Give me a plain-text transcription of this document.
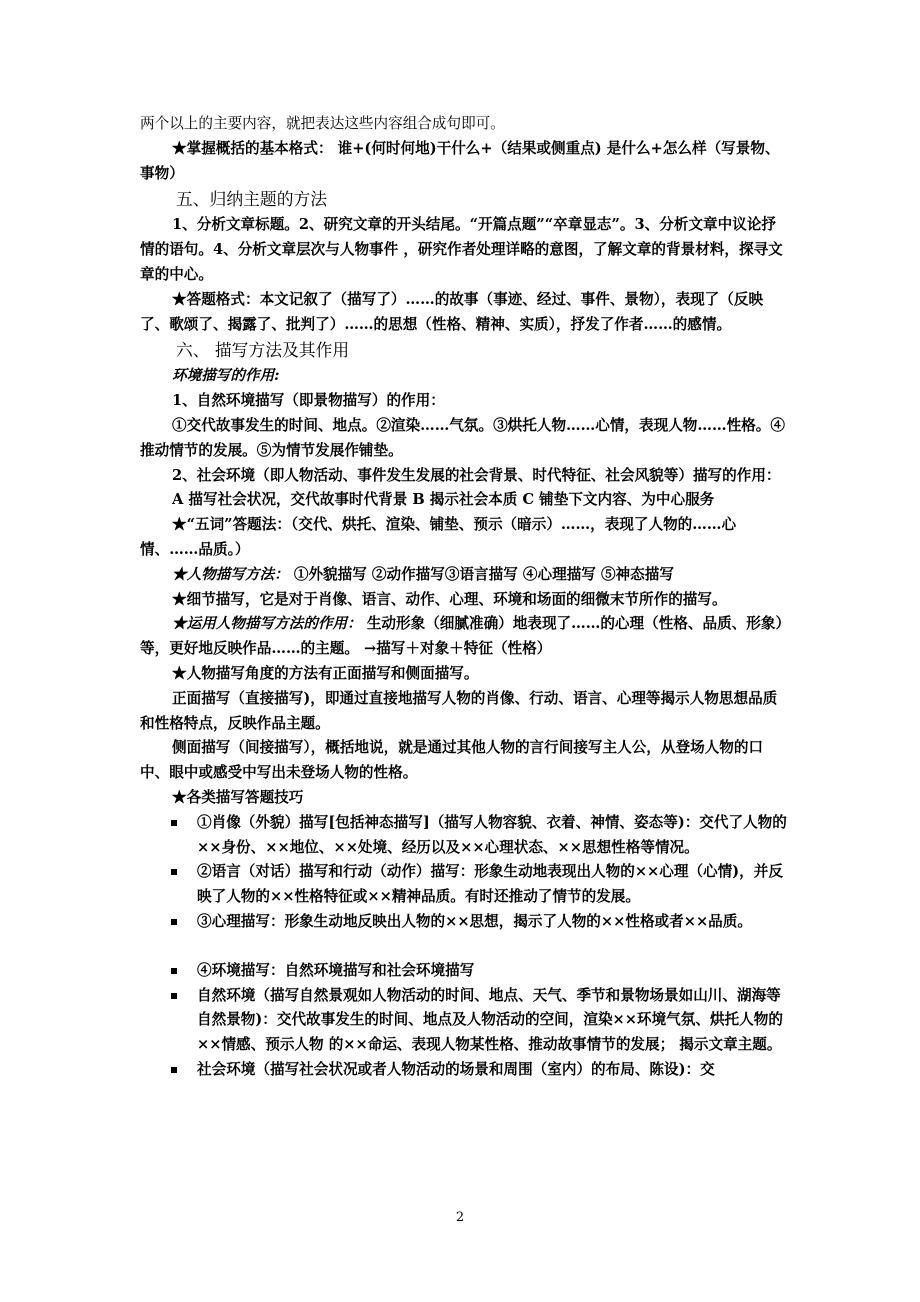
两个以上的主要内容，就把表达这些内容组合成句即可。

★掌握概括的基本格式： 谁+(何时何地)干什么+（结果或侧重点) 是什么+怎么样（写景物、事物）

五、归纳主题的方法

1、分析文章标题。2、研究文章的开头结尾。“开篇点题”“卒章显志”。3、分析文章中议论抒情的语句。4、分析文章层次与人物事件 ，研究作者处理详略的意图，了解文章的背景材料，探寻文章的中心。

★答题格式：本文记叙了（描写了）……的故事（事迹、经过、事件、景物），表现了（反映了、歌颂了、揭露了、批判了）……的思想（性格、精神、实质），抒发了作者……的感情。

六、 描写方法及其作用

环境描写的作用:

1、自然环境描写（即景物描写）的作用：

①交代故事发生的时间、地点。②渲染……气氛。③烘托人物……心情，表现人物……性格。④推动情节的发展。⑤为情节发展作铺垫。

2、社会环境（即人物活动、事件发生发展的社会背景、时代特征、社会风貌等）描写的作用：

A 描写社会状况，交代故事时代背景 B 揭示社会本质 C 铺垫下文内容、为中心服务

★“五词”答题法：（交代、烘托、渲染、铺垫、预示（暗示）……，表现了人物的……心情、……品质。）

★人物描写方法： ①外貌描写 ②动作描写③语言描写 ④心理描写 ⑤神态描写

★细节描写，它是对于肖像、语言、动作、心理、环境和场面的细微末节所作的描写。

★运用人物描写方法的作用： 生动形象（细腻准确）地表现了……的心理（性格、品质、形象）等，更好地反映作品……的主题。 →描写＋对象＋特征（性格）

★人物描写角度的方法有正面描写和侧面描写。

正面描写（直接描写)，即通过直接地描写人物的肖像、行动、语言、心理等揭示人物思想品质和性格特点，反映作品主题。

侧面描写（间接描写），概括地说，就是通过其他人物的言行间接写主人公，从登场人物的口中、眼中或感受中写出未登场人物的性格。

★各类描写答题技巧

①肖像（外貌）描写[包括神态描写]（描写人物容貌、衣着、神情、姿态等)：交代了人物的××身份、××地位、××处境、经历以及××心理状态、××思想性格等情况。
②语言（对话）描写和行动（动作）描写：形象生动地表现出人物的××心理（心情)，并反映了人物的××性格特征或××精神品质。有时还推动了情节的发展。
③心理描写：形象生动地反映出人物的××思想，揭示了人物的××性格或者××品质。
④环境描写：自然环境描写和社会环境描写
自然环境（描写自然景观如人物活动的时间、地点、天气、季节和景物场景如山川、湖海等自然景物)：交代故事发生的时间、地点及人物活动的空间，渲染××环境气氛、烘托人物的××情感、预示人物 的××命运、表现人物某性格、推动故事情节的发展； 揭示文章主题。
社会环境（描写社会状况或者人物活动的场景和周围（室内）的布局、陈设)：交
2
